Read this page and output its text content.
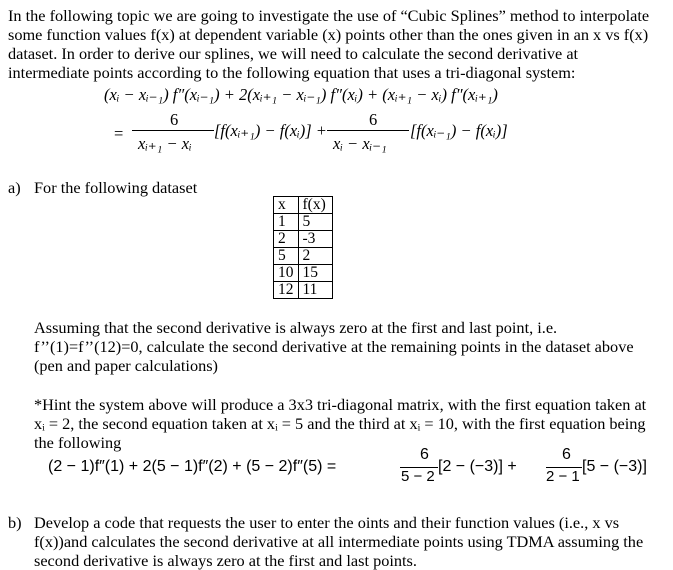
In the following topic we are going to investigate the use of “Cubic Splines” method to interpolate
some function values f(x) at dependent variable (x) points other than the ones given in an x vs f(x)
dataset. In order to derive our splines, we will need to calculate the second derivative at
intermediate points according to the following equation that uses a tri-diagonal system:
(xᵢ − xᵢ₋₁) f″(xᵢ₋₁) + 2(xᵢ₊₁ − xᵢ₋₁) f″(xᵢ) + (xᵢ₊₁ − xᵢ) f″(xᵢ₊₁)
=
6
xᵢ₊₁ − xᵢ
[f(xᵢ₊₁) − f(xᵢ)] +
6
xᵢ − xᵢ₋₁
[f(xᵢ₋₁) − f(xᵢ)]
a) For the following dataset
x	f(x)
1	5
2	-3
5	2
10	15
12	11
Assuming that the second derivative is always zero at the first and last point, i.e.
f’’(1)=f’’(12)=0, calculate the second derivative at the remaining points in the dataset above
(pen and paper calculations)
*Hint the system above will produce a 3x3 tri-diagonal matrix, with the first equation taken at
xᵢ = 2, the second equation taken at xᵢ = 5 and the third at xᵢ = 10, with the first equation being
the following
(2 − 1)f″(1) + 2(5 − 1)f″(2) + (5 − 2)f″(5) =
6
5 − 2
[2 − (−3)] +
6
2 − 1
[5 − (−3)]
b) Develop a code that requests the user to enter the oints and their function values (i.e., x vs
f(x))and calculates the second derivative at all intermediate points using TDMA assuming the
second derivative is always zero at the first and last points.
